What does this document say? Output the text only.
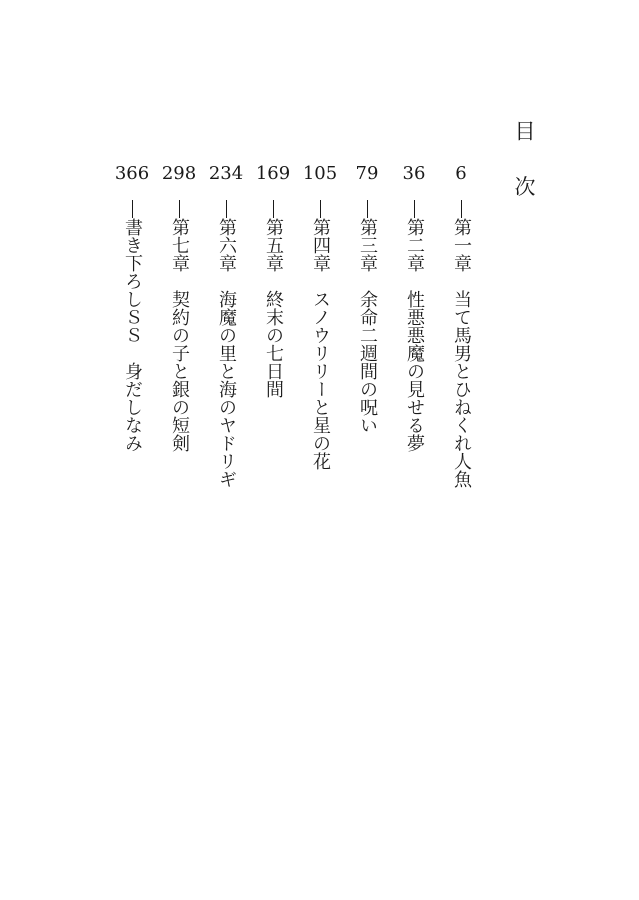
目 次
6
第一章当て馬男とひねくれ人魚
36
第二章性悪悪魔の見せる夢
79
第三章余命二週間の呪い
105
第四章スノウリリーと星の花
169
第五章終末の七日間
234
第六章海魔の里と海のヤドリギ
298
第七章契約の子と銀の短剣
366
書き下ろしＳＳ身だしなみ
